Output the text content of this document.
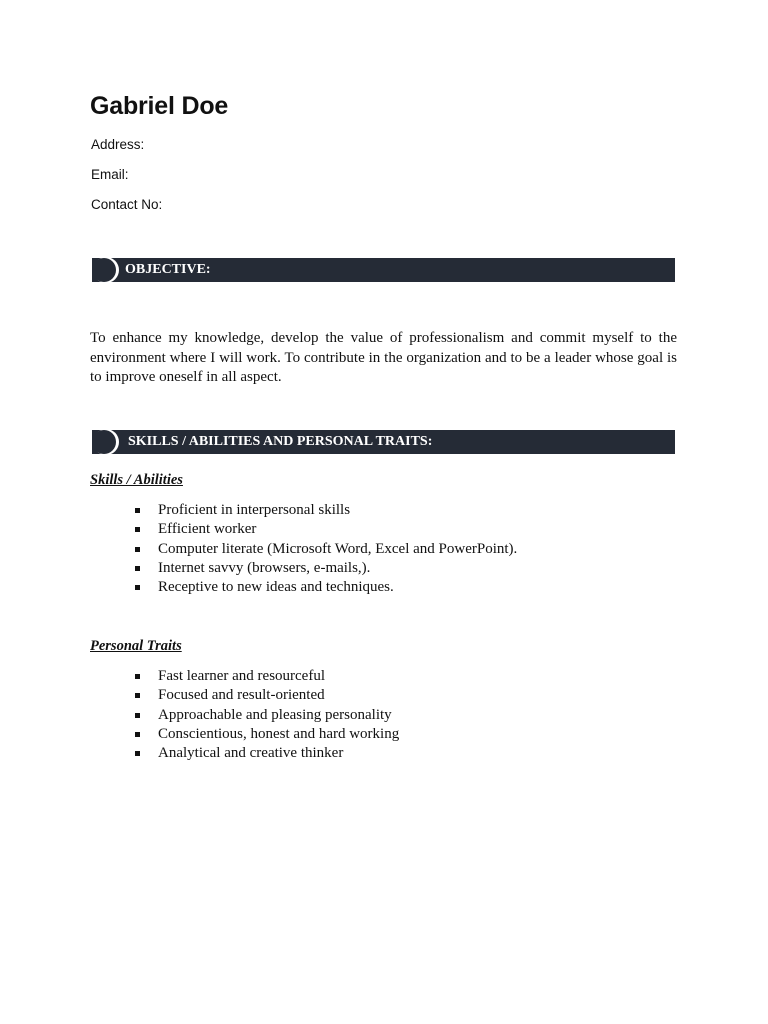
Gabriel Doe
Address:
Email:
Contact No:
OBJECTIVE:
To enhance my knowledge, develop the value of professionalism and commit myself to the environment where I will work. To contribute in the organization and to be a leader whose goal is to improve oneself in all aspect.
SKILLS / ABILITIES AND PERSONAL TRAITS:
Skills / Abilities
Proficient in interpersonal skills
Efficient worker
Computer literate (Microsoft Word, Excel and PowerPoint).
Internet savvy (browsers, e-mails,).
Receptive to new ideas and techniques.
Personal Traits
Fast learner and resourceful
Focused and result-oriented
Approachable and pleasing personality
Conscientious, honest and hard working
Analytical and creative thinker
